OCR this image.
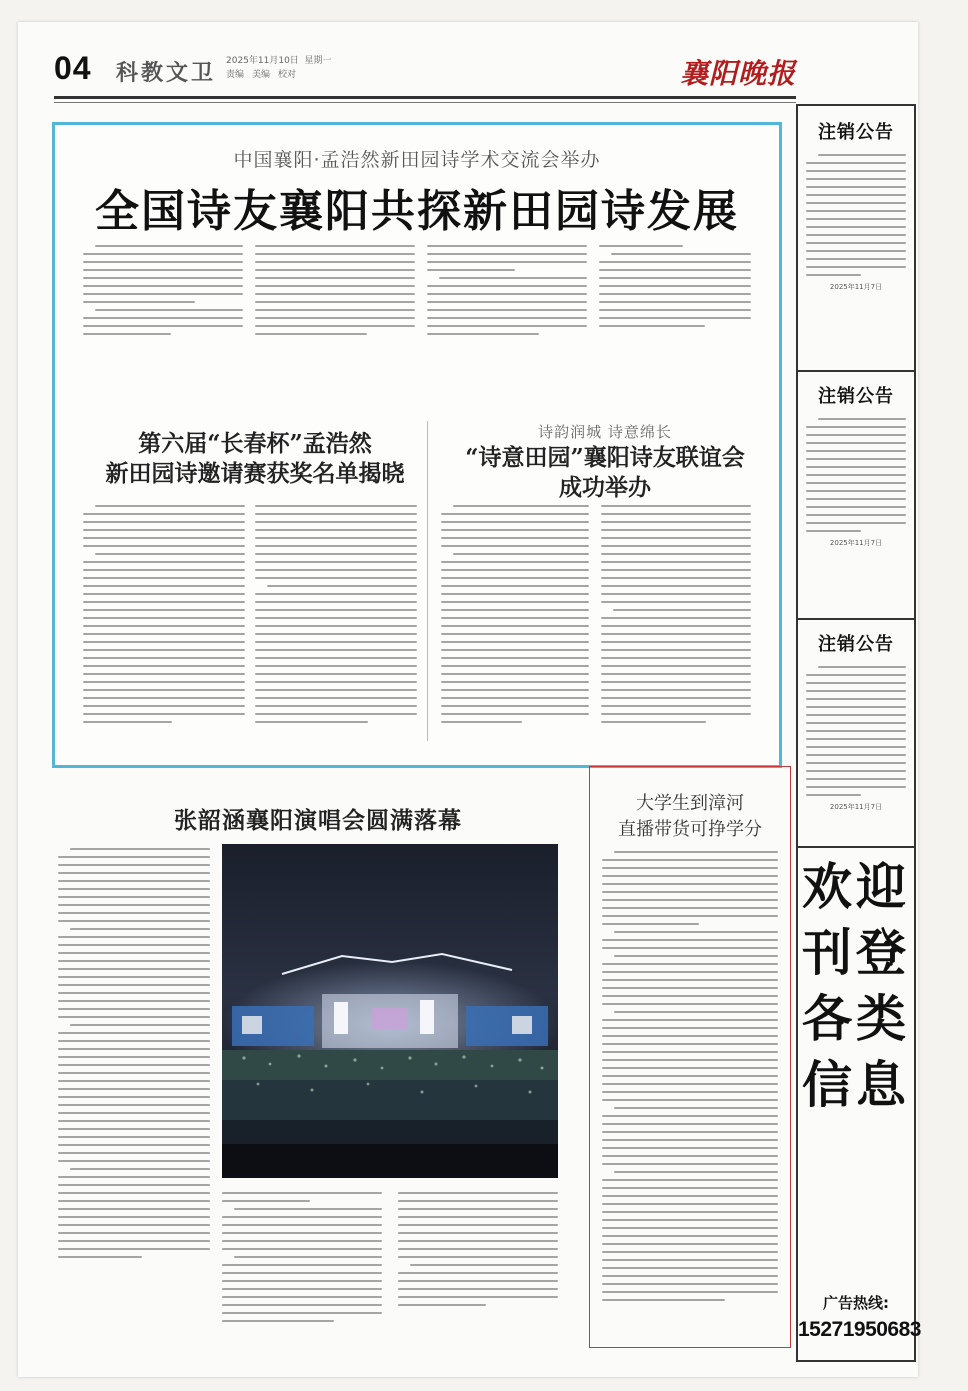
04 科教文卫 2025年11月10日 星期一
责编 美编 校对	襄阳晚报
中国襄阳·孟浩然新田园诗学术交流会举办
全国诗友襄阳共探新田园诗发展
第六届“长春杯”孟浩然
新田园诗邀请赛获奖名单揭晓
诗韵润城 诗意绵长
“诗意田园”襄阳诗友联谊会
成功举办
张韶涵襄阳演唱会圆满落幕
大学生到漳河
直播带货可挣学分
注销公告
2025年11月7日
注销公告
2025年11月7日
注销公告
2025年11月7日
欢迎
刊登
各类
信息
广告热线:
15271950683
